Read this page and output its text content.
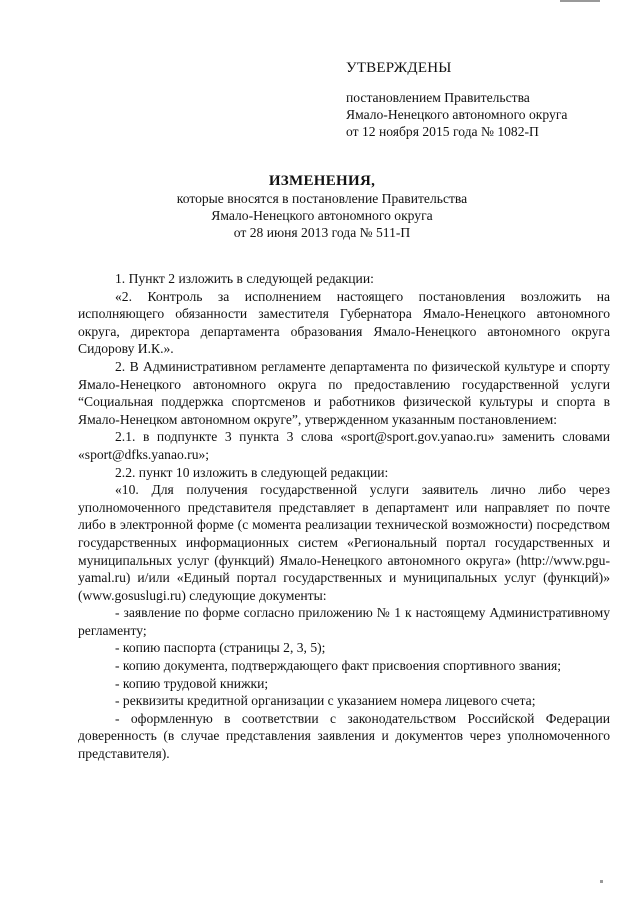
УТВЕРЖДЕНЫ
постановлением Правительства
Ямало-Ненецкого автономного округа
от 12 ноября 2015 года № 1082-П
ИЗМЕНЕНИЯ,
которые вносятся в постановление Правительства
Ямало-Ненецкого автономного округа
от 28 июня 2013 года № 511-П

1. Пункт 2 изложить в следующей редакции:

«2. Контроль за исполнением настоящего постановления возложить на исполняющего обязанности заместителя Губернатора Ямало-Ненецкого автономного округа, директора департамента образования Ямало-Ненецкого автономного округа Сидорову И.К.».

2. В Административном регламенте департамента по физической культуре и спорту Ямало-Ненецкого автономного округа по предоставлению государственной услуги “Социальная поддержка спортсменов и работников физической культуры и спорта в Ямало-Ненецком автономном округе”, утвержденном указанным постановлением:

2.1. в подпункте 3 пункта 3 слова «sport@sport.gov.yanao.ru» заменить словами «sport@dfks.yanao.ru»;

2.2. пункт 10 изложить в следующей редакции:

«10. Для получения государственной услуги заявитель лично либо через уполномоченного представителя представляет в департамент или направляет по почте либо в электронной форме (с момента реализации технической возможности) посредством государственных информационных систем «Региональный портал государственных и муниципальных услуг (функций) Ямало-Ненецкого автономного округа» (http://www.pgu-yamal.ru) и/или «Единый портал государственных и муниципальных услуг (функций)» (www.gosuslugi.ru) следующие документы:

- заявление по форме согласно приложению № 1 к настоящему Административному регламенту;

- копию паспорта (страницы 2, 3, 5);

- копию документа, подтверждающего факт присвоения спортивного звания;

- копию трудовой книжки;

- реквизиты кредитной организации с указанием номера лицевого счета;

- оформленную в соответствии с законодательством Российской Федерации доверенность (в случае представления заявления и документов через уполномоченного представителя).
